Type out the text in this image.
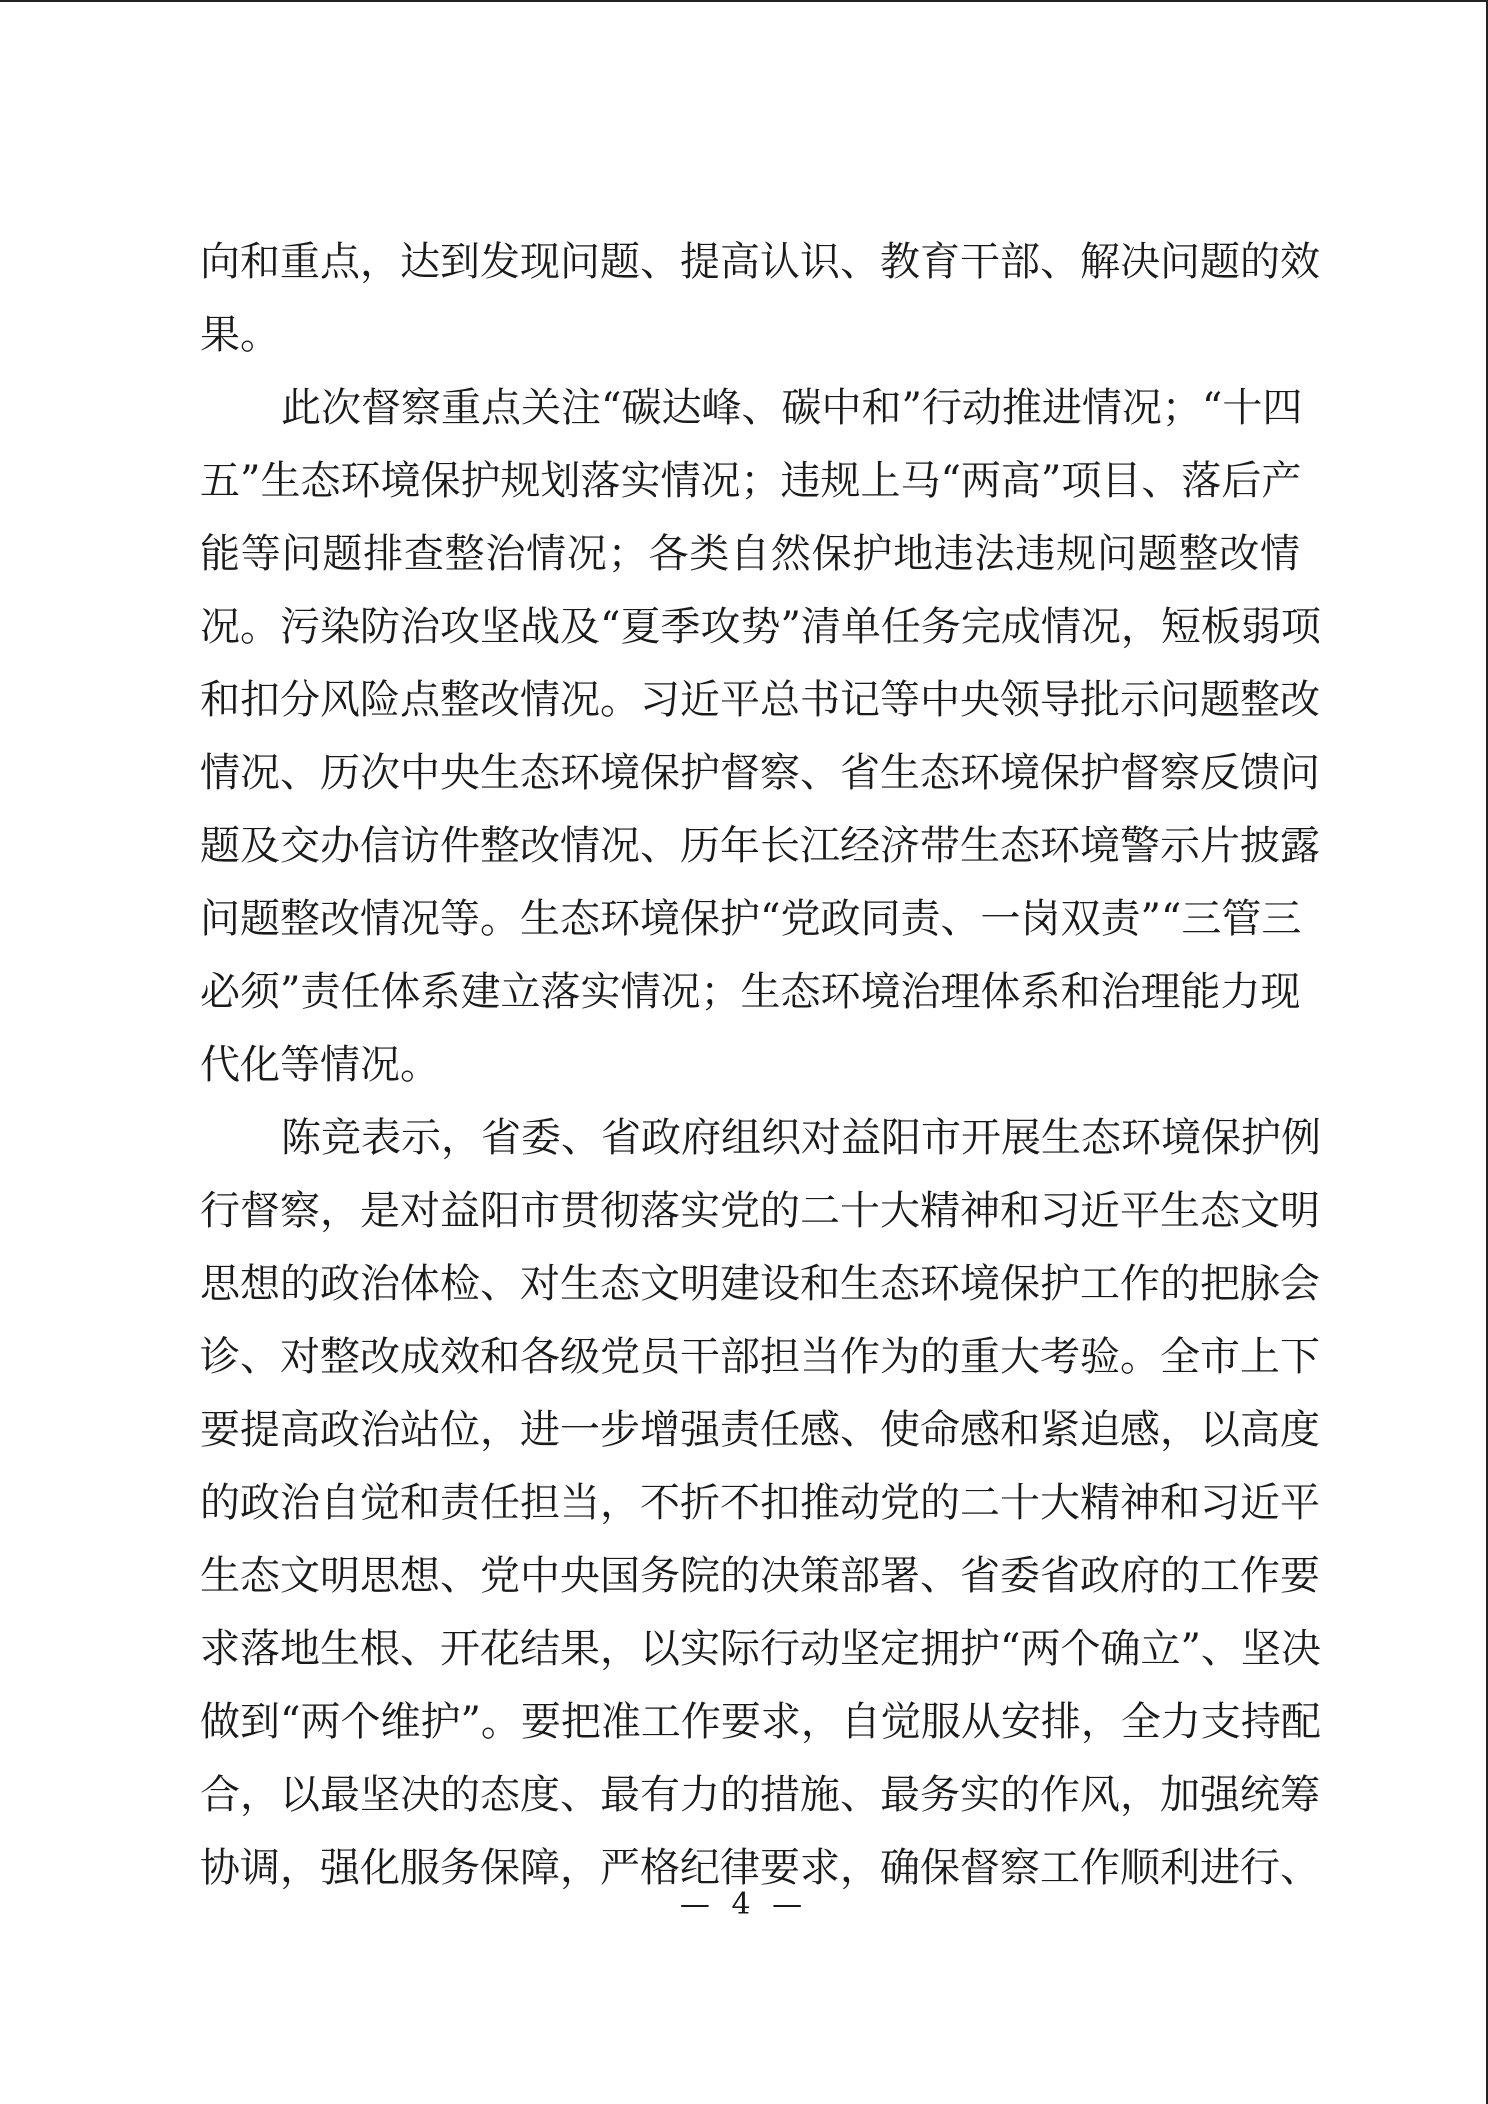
向和重点，达到发现问题、提高认识、教育干部、解决问题的效
果。
此次督察重点关注“碳达峰、碳中和”行动推进情况；“十四
五”生态环境保护规划落实情况；违规上马“两高”项目、落后产
能等问题排查整治情况；各类自然保护地违法违规问题整改情
况。污染防治攻坚战及“夏季攻势”清单任务完成情况，短板弱项
和扣分风险点整改情况。习近平总书记等中央领导批示问题整改
情况、历次中央生态环境保护督察、省生态环境保护督察反馈问
题及交办信访件整改情况、历年长江经济带生态环境警示片披露
问题整改情况等。生态环境保护“党政同责、一岗双责”“三管三
必须”责任体系建立落实情况；生态环境治理体系和治理能力现
代化等情况。
陈竞表示，省委、省政府组织对益阳市开展生态环境保护例
行督察，是对益阳市贯彻落实党的二十大精神和习近平生态文明
思想的政治体检、对生态文明建设和生态环境保护工作的把脉会
诊、对整改成效和各级党员干部担当作为的重大考验。全市上下
要提高政治站位，进一步增强责任感、使命感和紧迫感，以高度
的政治自觉和责任担当，不折不扣推动党的二十大精神和习近平
生态文明思想、党中央国务院的决策部署、省委省政府的工作要
求落地生根、开花结果，以实际行动坚定拥护“两个确立”、坚决
做到“两个维护”。要把准工作要求，自觉服从安排，全力支持配
合，以最坚决的态度、最有力的措施、最务实的作风，加强统筹
协调，强化服务保障，严格纪律要求，确保督察工作顺利进行、
— 4 —
